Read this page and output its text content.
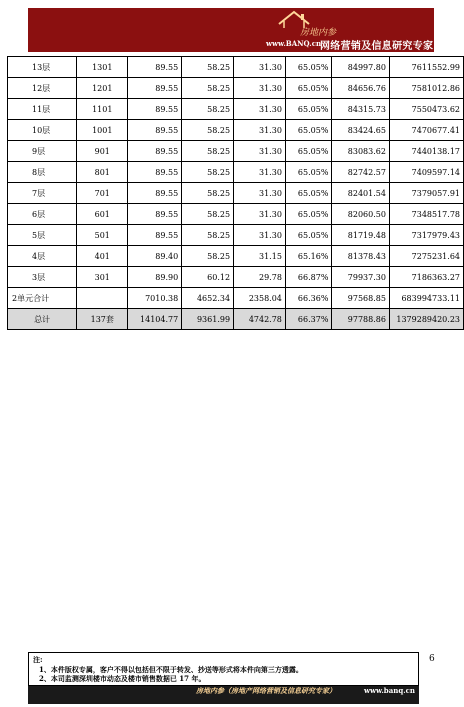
房地内参
www.BANQ.cn
网络营销及信息研究专家
13层	1301	89.55	58.25	31.30	65.05%	84997.80	7611552.99
12层	1201	89.55	58.25	31.30	65.05%	84656.76	7581012.86
11层	1101	89.55	58.25	31.30	65.05%	84315.73	7550473.62
10层	1001	89.55	58.25	31.30	65.05%	83424.65	7470677.41
9层	901	89.55	58.25	31.30	65.05%	83083.62	7440138.17
8层	801	89.55	58.25	31.30	65.05%	82742.57	7409597.14
7层	701	89.55	58.25	31.30	65.05%	82401.54	7379057.91
6层	601	89.55	58.25	31.30	65.05%	82060.50	7348517.78
5层	501	89.55	58.25	31.30	65.05%	81719.48	7317979.43
4层	401	89.40	58.25	31.15	65.16%	81378.43	7275231.64
3层	301	89.90	60.12	29.78	66.87%	79937.30	7186363.27
2单元合计		7010.38	4652.34	2358.04	66.36%	97568.85	683994733.11
总计	137套	14104.77	9361.99	4742.78	66.37%	97788.86	1379289420.23
注:
1、本件版权专属，客户不得以包括但不限于转发、抄送等形式将本件向第三方透露。
2、本司监测深圳楼市动态及楼市销售数据已 17 年。
房地内参（房地产网络营销及信息研究专家）	www.banq.cn
6
